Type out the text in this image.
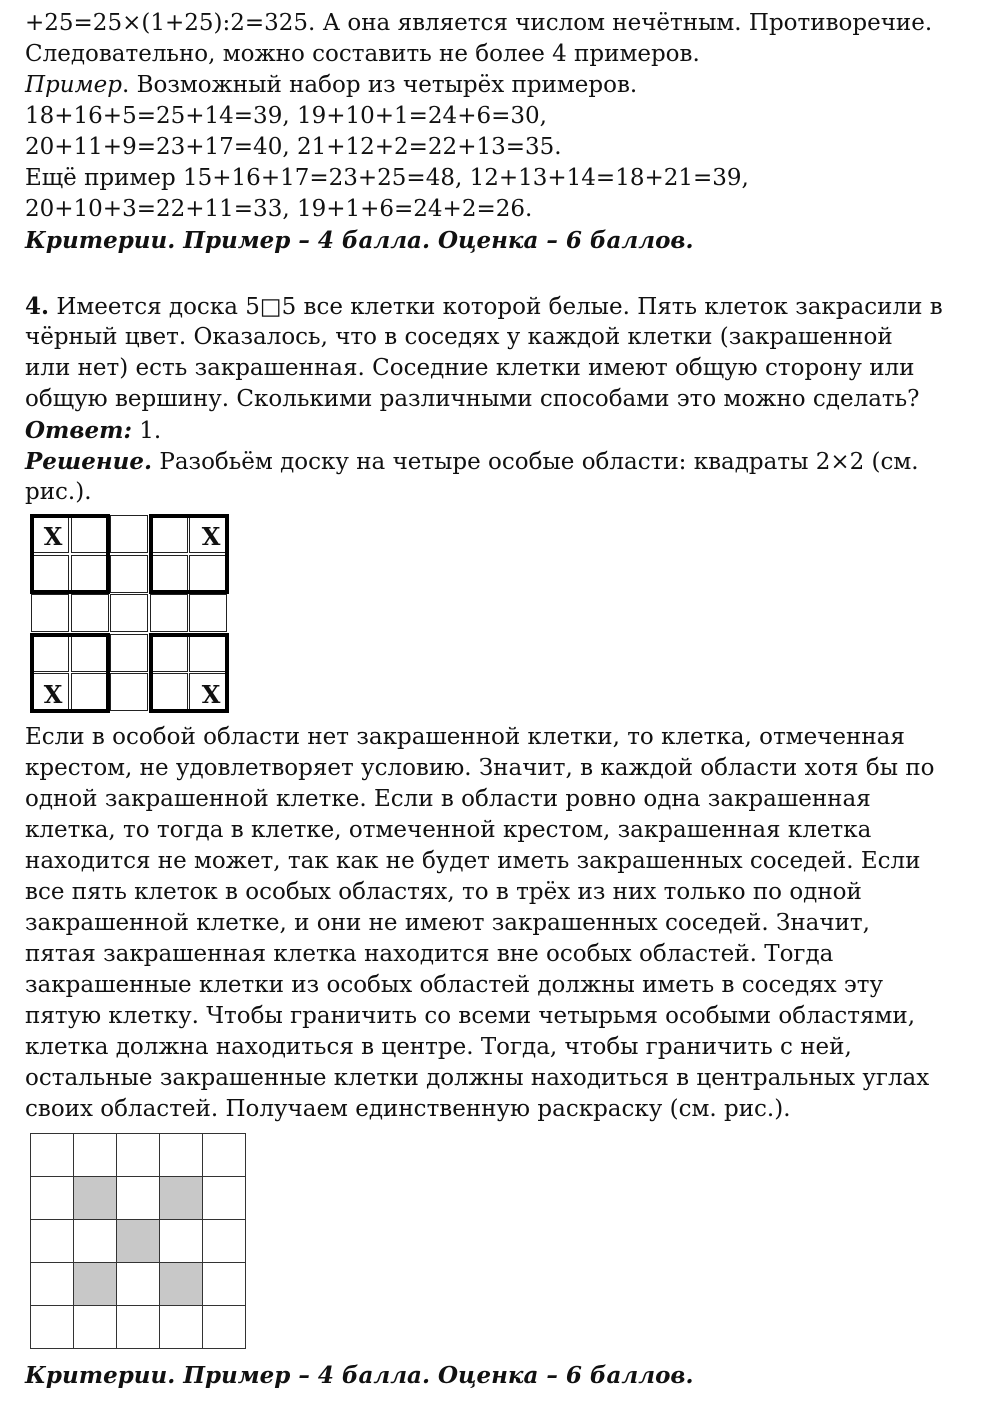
+25=25×(1+25):2=325. А она является числом нечётным. Противоречие.
Следовательно, можно составить не более 4 примеров.
Пример. Возможный набор из четырёх примеров.
18+16+5=25+14=39, 19+10+1=24+6=30,
20+11+9=23+17=40, 21+12+2=22+13=35.
Ещё пример 15+16+17=23+25=48, 12+13+14=18+21=39,
20+10+3=22+11=33, 19+1+6=24+2=26.
Критерии. Пример – 4 балла. Оценка – 6 баллов.
4. Имеется доска 5□5 все клетки которой белые. Пять клеток закрасили в
чёрный цвет. Оказалось, что в соседях у каждой клетки (закрашенной
или нет) есть закрашенная. Соседние клетки имеют общую сторону или
общую вершину. Сколькими различными способами это можно сделать?
Ответ: 1.
Решение. Разобьём доску на четыре особые области: квадраты 2×2 (см.
рис.).
X	X
X	X
Если в особой области нет закрашенной клетки, то клетка, отмеченная
крестом, не удовлетворяет условию. Значит, в каждой области хотя бы по
одной закрашенной клетке. Если в области ровно одна закрашенная
клетка, то тогда в клетке, отмеченной крестом, закрашенная клетка
находится не может, так как не будет иметь закрашенных соседей. Если
все пять клеток в особых областях, то в трёх из них только по одной
закрашенной клетке, и они не имеют закрашенных соседей. Значит,
пятая закрашенная клетка находится вне особых областей. Тогда
закрашенные клетки из особых областей должны иметь в соседях эту
пятую клетку. Чтобы граничить со всеми четырьмя особыми областями,
клетка должна находиться в центре. Тогда, чтобы граничить с ней,
остальные закрашенные клетки должны находиться в центральных углах
своих областей. Получаем единственную раскраску (см. рис.).
Критерии. Пример – 4 балла. Оценка – 6 баллов.
